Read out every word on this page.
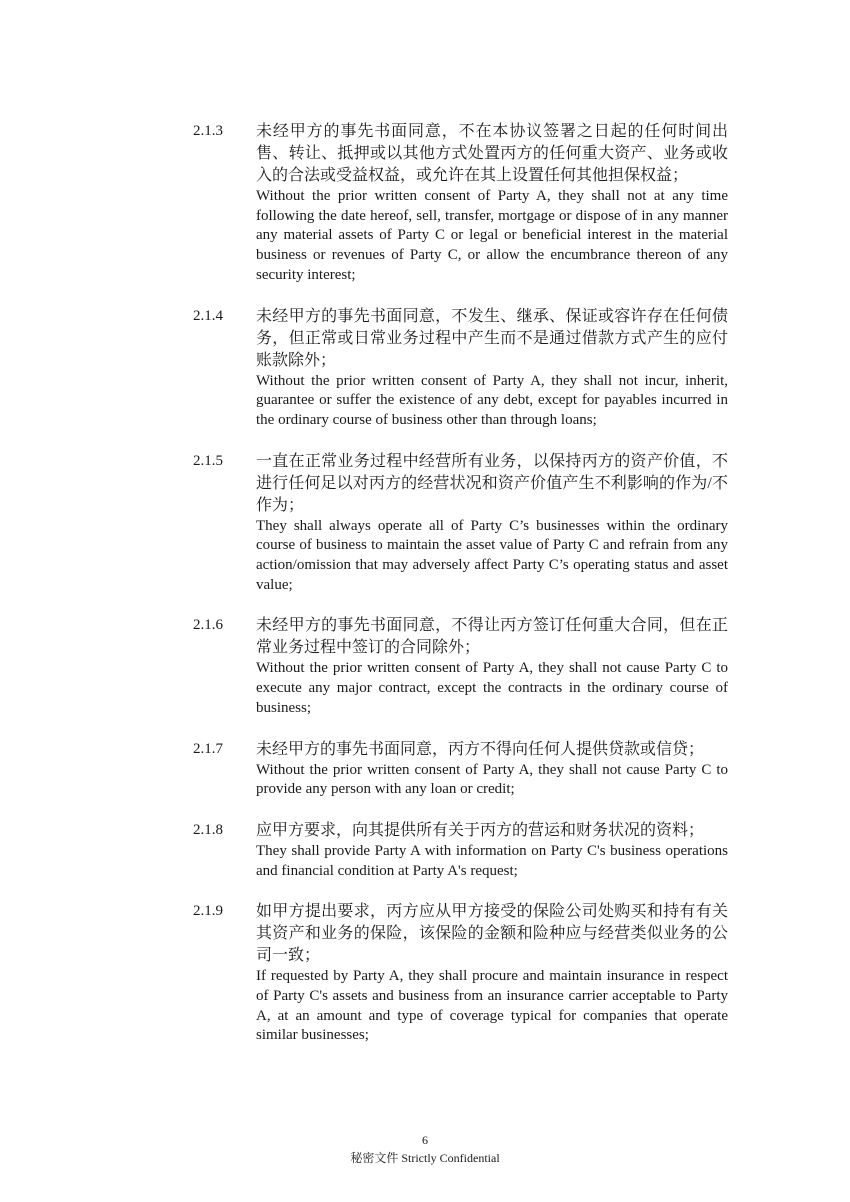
2.1.3	未经甲方的事先书面同意，不在本协议签署之日起的任何时间出售、转让、抵押或以其他方式处置丙方的任何重大资产、业务或收入的合法或受益权益，或允许在其上设置任何其他担保权益；

Without the prior written consent of Party A, they shall not at any time following the date hereof, sell, transfer, mortgage or dispose of in any manner any material assets of Party C or legal or beneficial interest in the material business or revenues of Party C, or allow the encumbrance thereon of any security interest;

2.1.4	未经甲方的事先书面同意，不发生、继承、保证或容许存在任何债务，但正常或日常业务过程中产生而不是通过借款方式产生的应付账款除外；

Without the prior written consent of Party A, they shall not incur, inherit, guarantee or suffer the existence of any debt, except for payables incurred in the ordinary course of business other than through loans;

2.1.5	一直在正常业务过程中经营所有业务，以保持丙方的资产价值，不进行任何足以对丙方的经营状况和资产价值产生不利影响的作为/不作为；

They shall always operate all of Party C’s businesses within the ordinary course of business to maintain the asset value of Party C and refrain from any action/omission that may adversely affect Party C’s operating status and asset value;

2.1.6	未经甲方的事先书面同意，不得让丙方签订任何重大合同，但在正常业务过程中签订的合同除外；

Without the prior written consent of Party A, they shall not cause Party C to execute any major contract, except the contracts in the ordinary course of business;

2.1.7	未经甲方的事先书面同意，丙方不得向任何人提供贷款或信贷；

Without the prior written consent of Party A, they shall not cause Party C to provide any person with any loan or credit;

2.1.8	应甲方要求，向其提供所有关于丙方的营运和财务状况的资料；

They shall provide Party A with information on Party C's business operations and financial condition at Party A's request;

2.1.9	如甲方提出要求，丙方应从甲方接受的保险公司处购买和持有有关其资产和业务的保险，该保险的金额和险种应与经营类似业务的公司一致；

If requested by Party A, they shall procure and maintain insurance in respect of Party C's assets and business from an insurance carrier acceptable to Party A, at an amount and type of coverage typical for companies that operate similar businesses;

6
秘密文件 Strictly Confidential
